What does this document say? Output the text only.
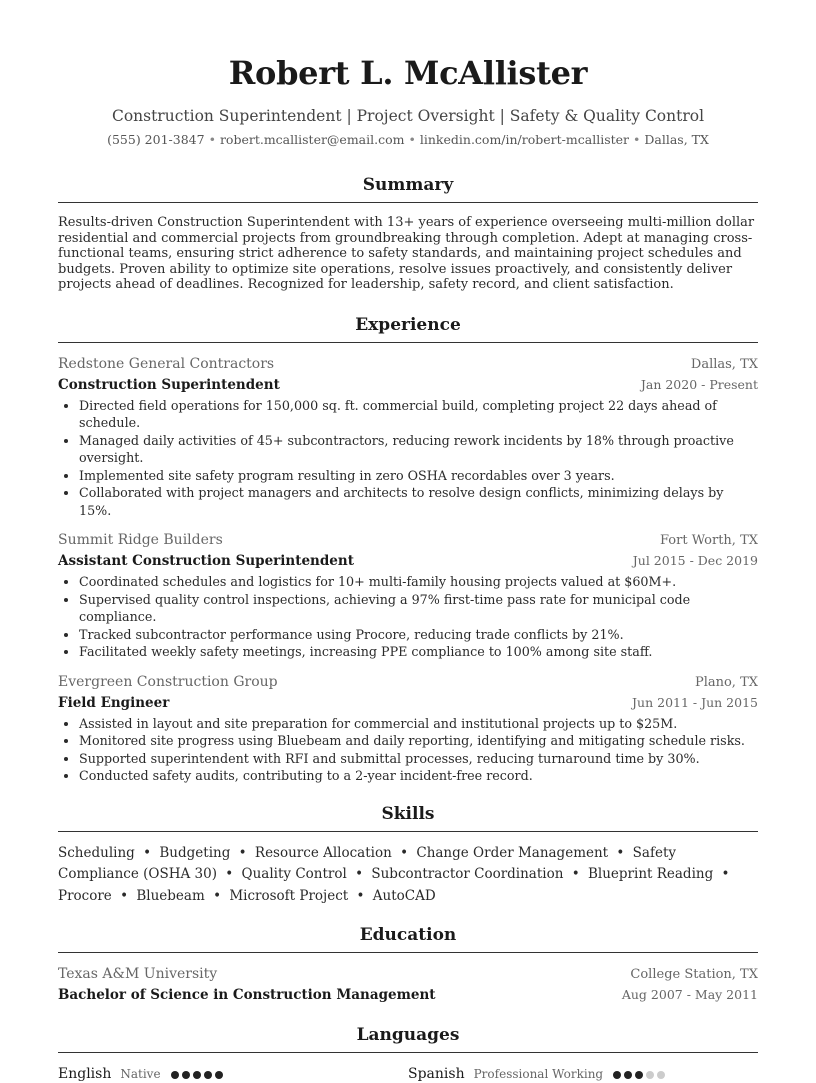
Robert L. McAllister
Construction Superintendent | Project Oversight | Safety & Quality Control
(555) 201-3847 • robert.mcallister@email.com • linkedin.com/in/robert-mcallister • Dallas, TX
Summary
Results-driven Construction Superintendent with 13+ years of experience overseeing multi-million dollar residential and commercial projects from groundbreaking through completion. Adept at managing cross-functional teams, ensuring strict adherence to safety standards, and maintaining project schedules and budgets. Proven ability to optimize site operations, resolve issues proactively, and consistently deliver projects ahead of deadlines. Recognized for leadership, safety record, and client satisfaction.
Experience
Redstone General Contractors	Dallas, TX
Construction Superintendent	Jan 2020 - Present
• Directed field operations for 150,000 sq. ft. commercial build, completing project 22 days ahead of schedule.
• Managed daily activities of 45+ subcontractors, reducing rework incidents by 18% through proactive oversight.
• Implemented site safety program resulting in zero OSHA recordables over 3 years.
• Collaborated with project managers and architects to resolve design conflicts, minimizing delays by 15%.
Summit Ridge Builders	Fort Worth, TX
Assistant Construction Superintendent	Jul 2015 - Dec 2019
• Coordinated schedules and logistics for 10+ multi-family housing projects valued at $60M+.
• Supervised quality control inspections, achieving a 97% first-time pass rate for municipal code compliance.
• Tracked subcontractor performance using Procore, reducing trade conflicts by 21%.
• Facilitated weekly safety meetings, increasing PPE compliance to 100% among site staff.
Evergreen Construction Group	Plano, TX
Field Engineer	Jun 2011 - Jun 2015
• Assisted in layout and site preparation for commercial and institutional projects up to $25M.
• Monitored site progress using Bluebeam and daily reporting, identifying and mitigating schedule risks.
• Supported superintendent with RFI and submittal processes, reducing turnaround time by 30%.
• Conducted safety audits, contributing to a 2-year incident-free record.
Skills
Scheduling • Budgeting • Resource Allocation • Change Order Management • Safety Compliance (OSHA 30) • Quality Control • Subcontractor Coordination • Blueprint Reading • Procore • Bluebeam • Microsoft Project • AutoCAD
Education
Texas A&M University	College Station, TX
Bachelor of Science in Construction Management	Aug 2007 - May 2011
Languages
English Native	Spanish Professional Working
